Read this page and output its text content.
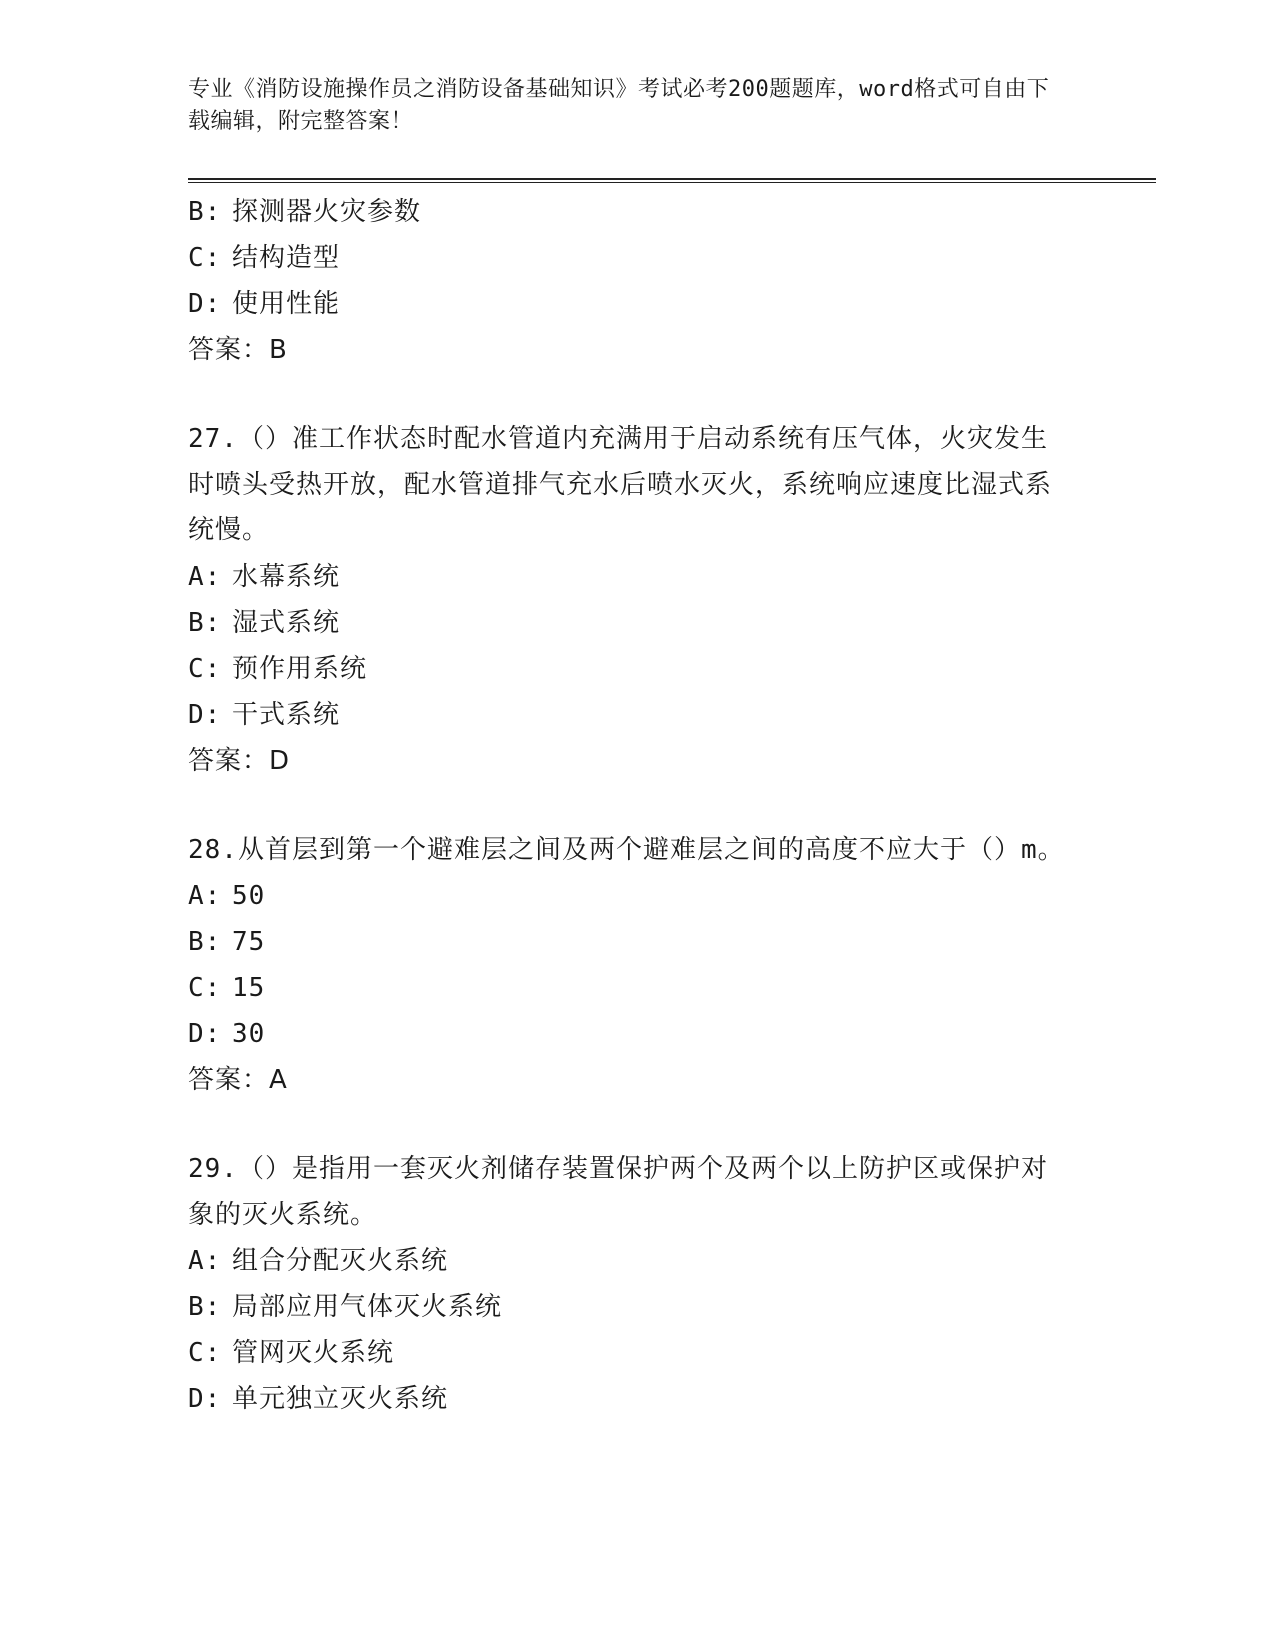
专业《消防设施操作员之消防设备基础知识》考试必考200题题库，word格式可自由下载编辑，附完整答案！
B: 探测器火灾参数
C: 结构造型
D: 使用性能
答案：B
27.（）准工作状态时配水管道内充满用于启动系统有压气体，火灾发生时喷头受热开放，配水管道排气充水后喷水灭火，系统响应速度比湿式系统慢。
A: 水幕系统
B: 湿式系统
C: 预作用系统
D: 干式系统
答案：D
28.从首层到第一个避难层之间及两个避难层之间的高度不应大于（）m。
A: 50
B: 75
C: 15
D: 30
答案：A
29.（）是指用一套灭火剂储存装置保护两个及两个以上防护区或保护对象的灭火系统。
A: 组合分配灭火系统
B: 局部应用气体灭火系统
C: 管网灭火系统
D: 单元独立灭火系统
